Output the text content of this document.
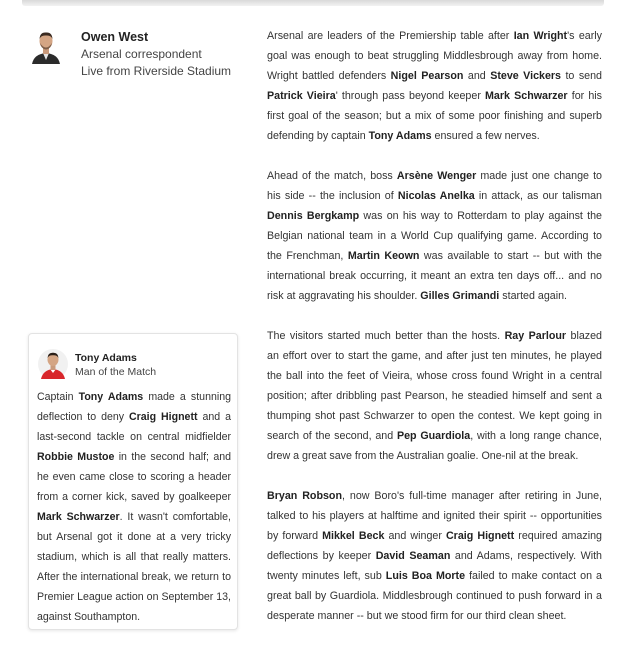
Owen West
Arsenal correspondent
Live from Riverside Stadium
Tony Adams
Man of the Match

Captain Tony Adams made a stunning deflection to deny Craig Hignett and a last-second tackle on central midfielder Robbie Mustoe in the second half; and he even came close to scoring a header from a corner kick, saved by goalkeeper Mark Schwarzer. It wasn't comfortable, but Arsenal got it done at a very tricky stadium, which is all that really matters. After the international break, we return to Premier League action on September 13, against Southampton.

Arsenal are leaders of the Premiership table after Ian Wright's early goal was enough to beat struggling Middlesbrough away from home. Wright battled defenders Nigel Pearson and Steve Vickers to send Patrick Vieira' through pass beyond keeper Mark Schwarzer for his first goal of the season; but a mix of some poor finishing and superb defending by captain Tony Adams ensured a few nerves.

Ahead of the match, boss Arsène Wenger made just one change to his side -- the inclusion of Nicolas Anelka in attack, as our talisman Dennis Bergkamp was on his way to Rotterdam to play against the Belgian national team in a World Cup qualifying game. According to the Frenchman, Martin Keown was available to start -- but with the international break occurring, it meant an extra ten days off... and no risk at aggravating his shoulder. Gilles Grimandi started again.

The visitors started much better than the hosts. Ray Parlour blazed an effort over to start the game, and after just ten minutes, he played the ball into the feet of Vieira, whose cross found Wright in a central position; after dribbling past Pearson, he steadied himself and sent a thumping shot past Schwarzer to open the contest. We kept going in search of the second, and Pep Guardiola, with a long range chance, drew a great save from the Australian goalie. One-nil at the break.

Bryan Robson, now Boro's full-time manager after retiring in June, talked to his players at halftime and ignited their spirit -- opportunities by forward Mikkel Beck and winger Craig Hignett required amazing deflections by keeper David Seaman and Adams, respectively. With twenty minutes left, sub Luis Boa Morte failed to make contact on a great ball by Guardiola. Middlesbrough continued to push forward in a desperate manner -- but we stood firm for our third clean sheet.
